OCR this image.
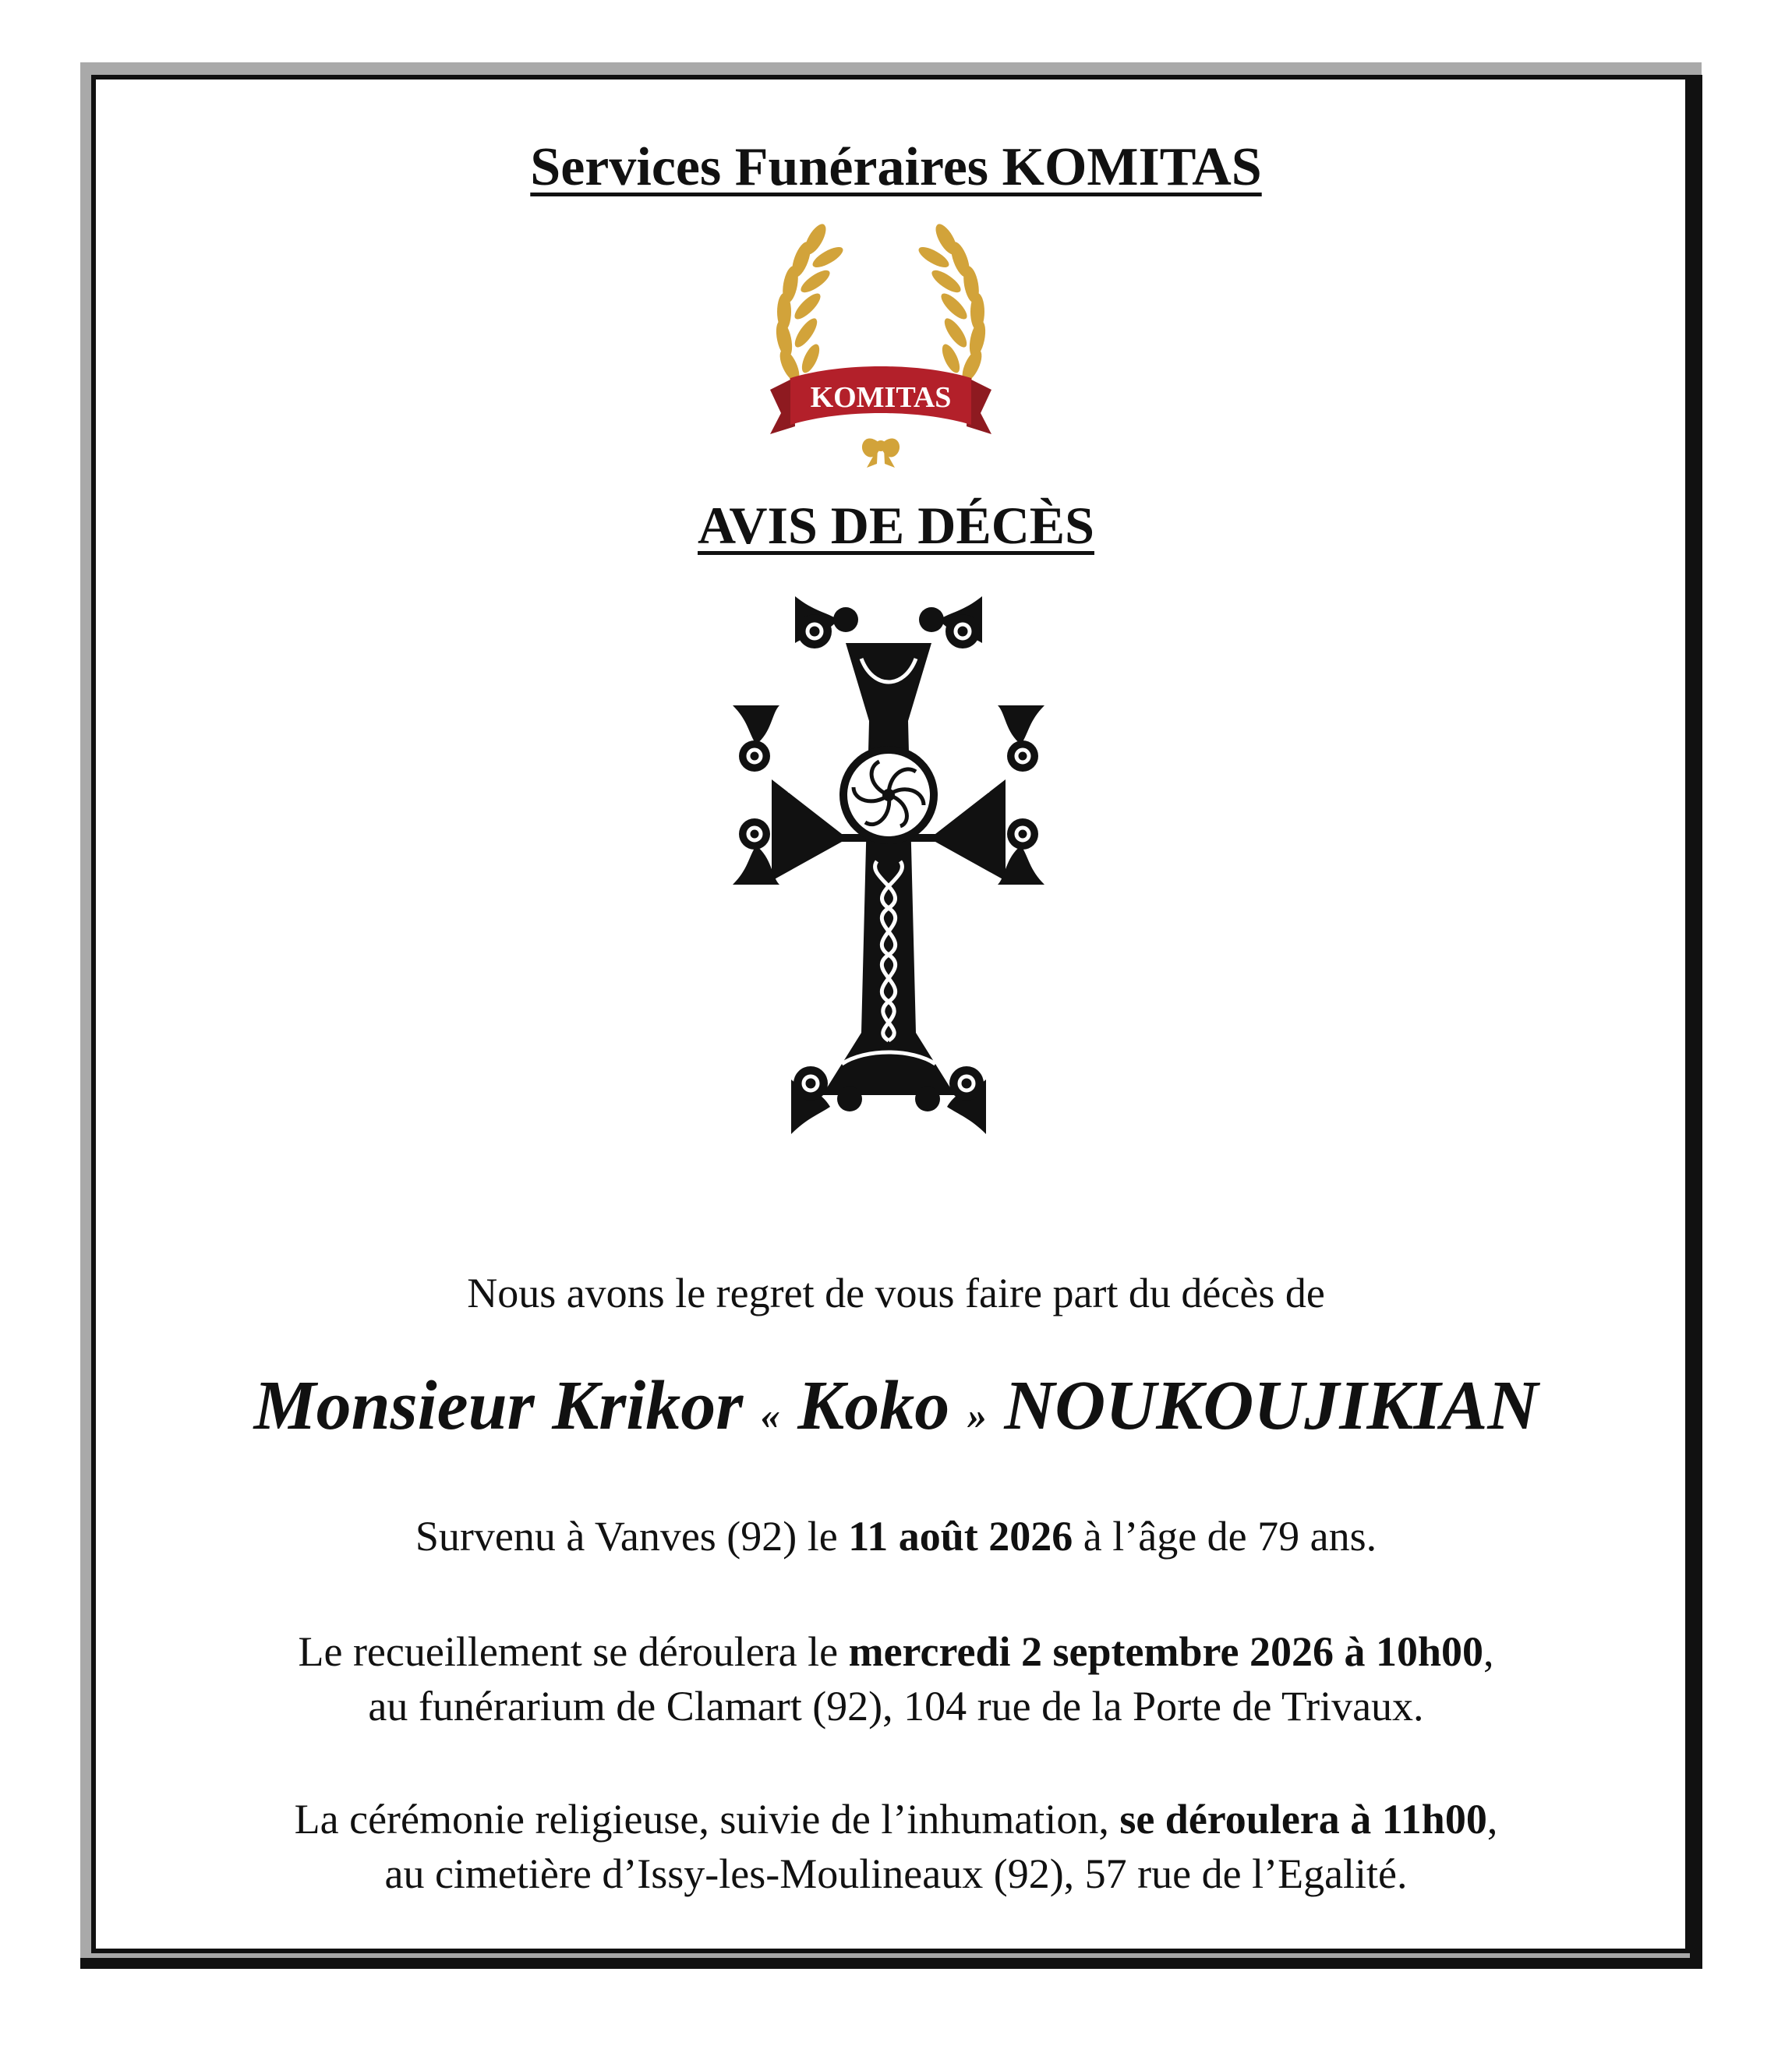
Services Funéraires KOMITAS
KOMITAS
AVIS DE DÉCÈS
Nous avons le regret de vous faire part du décès de
Monsieur Krikor « Koko » NOUKOUJIKIAN
Survenu à Vanves (92) le 11 août 2026 à l’âge de 79 ans.
Le recueillement se déroulera le mercredi 2 septembre 2026 à 10h00,
au funérarium de Clamart (92), 104 rue de la Porte de Trivaux.
La cérémonie religieuse, suivie de l’inhumation, se déroulera à 11h00,
au cimetière d’Issy-les-Moulineaux (92), 57 rue de l’Egalité.
